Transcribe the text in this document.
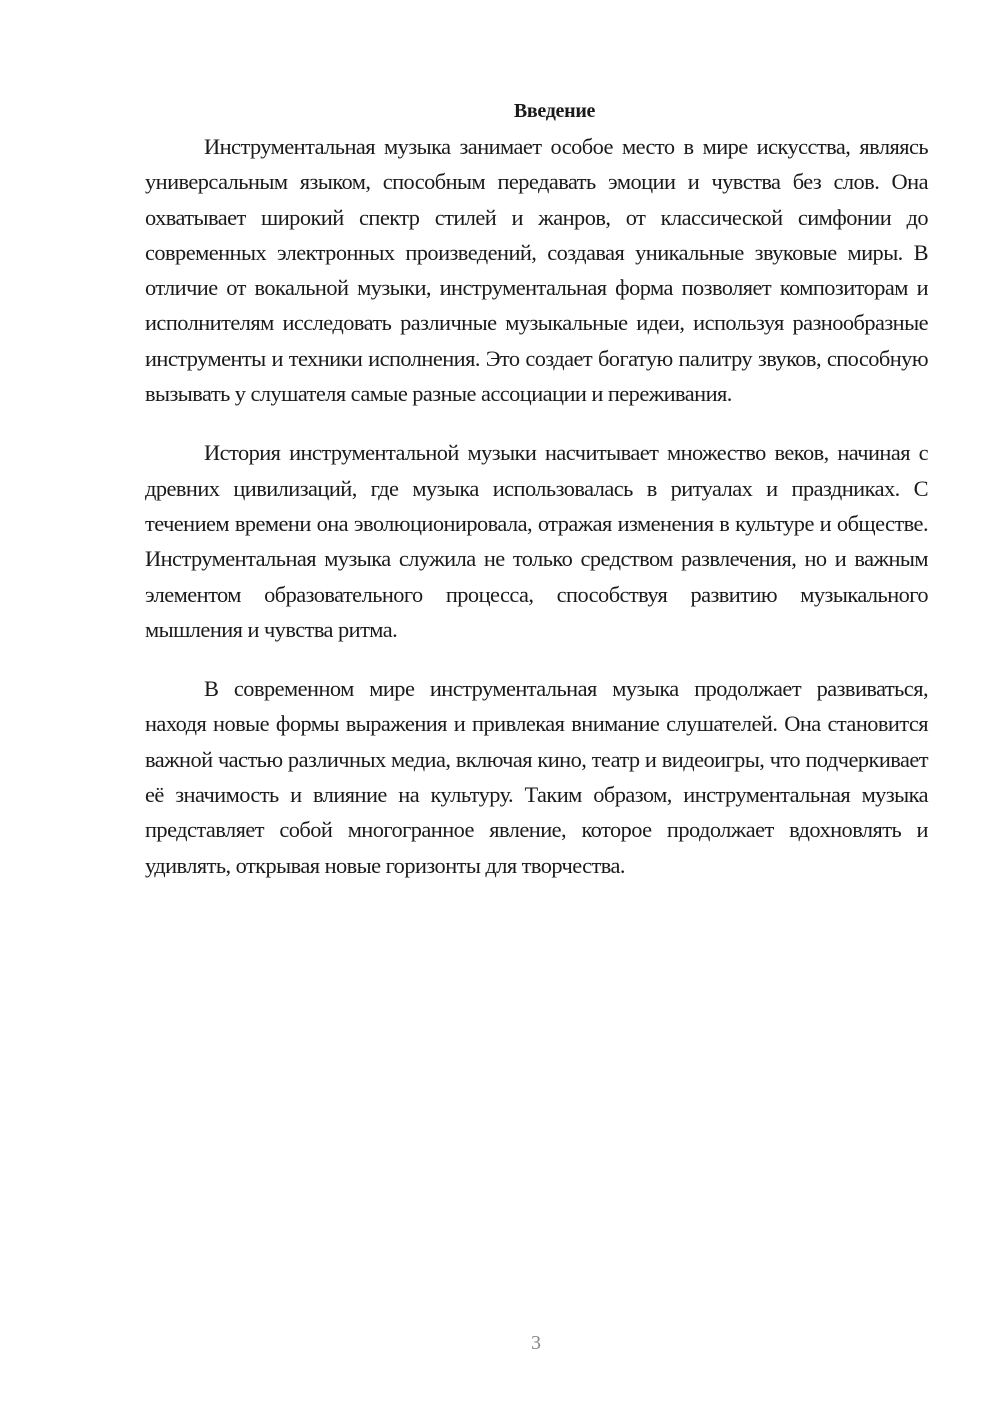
Введение

Инструментальная музыка занимает особое место в мире искусства, являясь универсальным языком, способным передавать эмоции и чувства без слов. Она охватывает широкий спектр стилей и жанров, от классической симфонии до современных электронных произведений, создавая уникальные звуковые миры. В отличие от вокальной музыки, инструментальная форма позволяет композиторам и исполнителям исследовать различные музыкальные идеи, используя разнообразные инструменты и техники исполнения. Это создает богатую палитру звуков, способную вызывать у слушателя самые разные ассоциации и переживания.

История инструментальной музыки насчитывает множество веков, начиная с древних цивилизаций, где музыка использовалась в ритуалах и праздниках. С течением времени она эволюционировала, отражая изменения в культуре и обществе. Инструментальная музыка служила не только средством развлечения, но и важным элементом образовательного процесса, способствуя развитию музыкального мышления и чувства ритма.

В современном мире инструментальная музыка продолжает развиваться, находя новые формы выражения и привлекая внимание слушателей. Она становится важной частью различных медиа, включая кино, театр и видеоигры, что подчеркивает её значимость и влияние на культуру. Таким образом, инструментальная музыка представляет собой многогранное явление, которое продолжает вдохновлять и удивлять, открывая новые горизонты для творчества.

3
